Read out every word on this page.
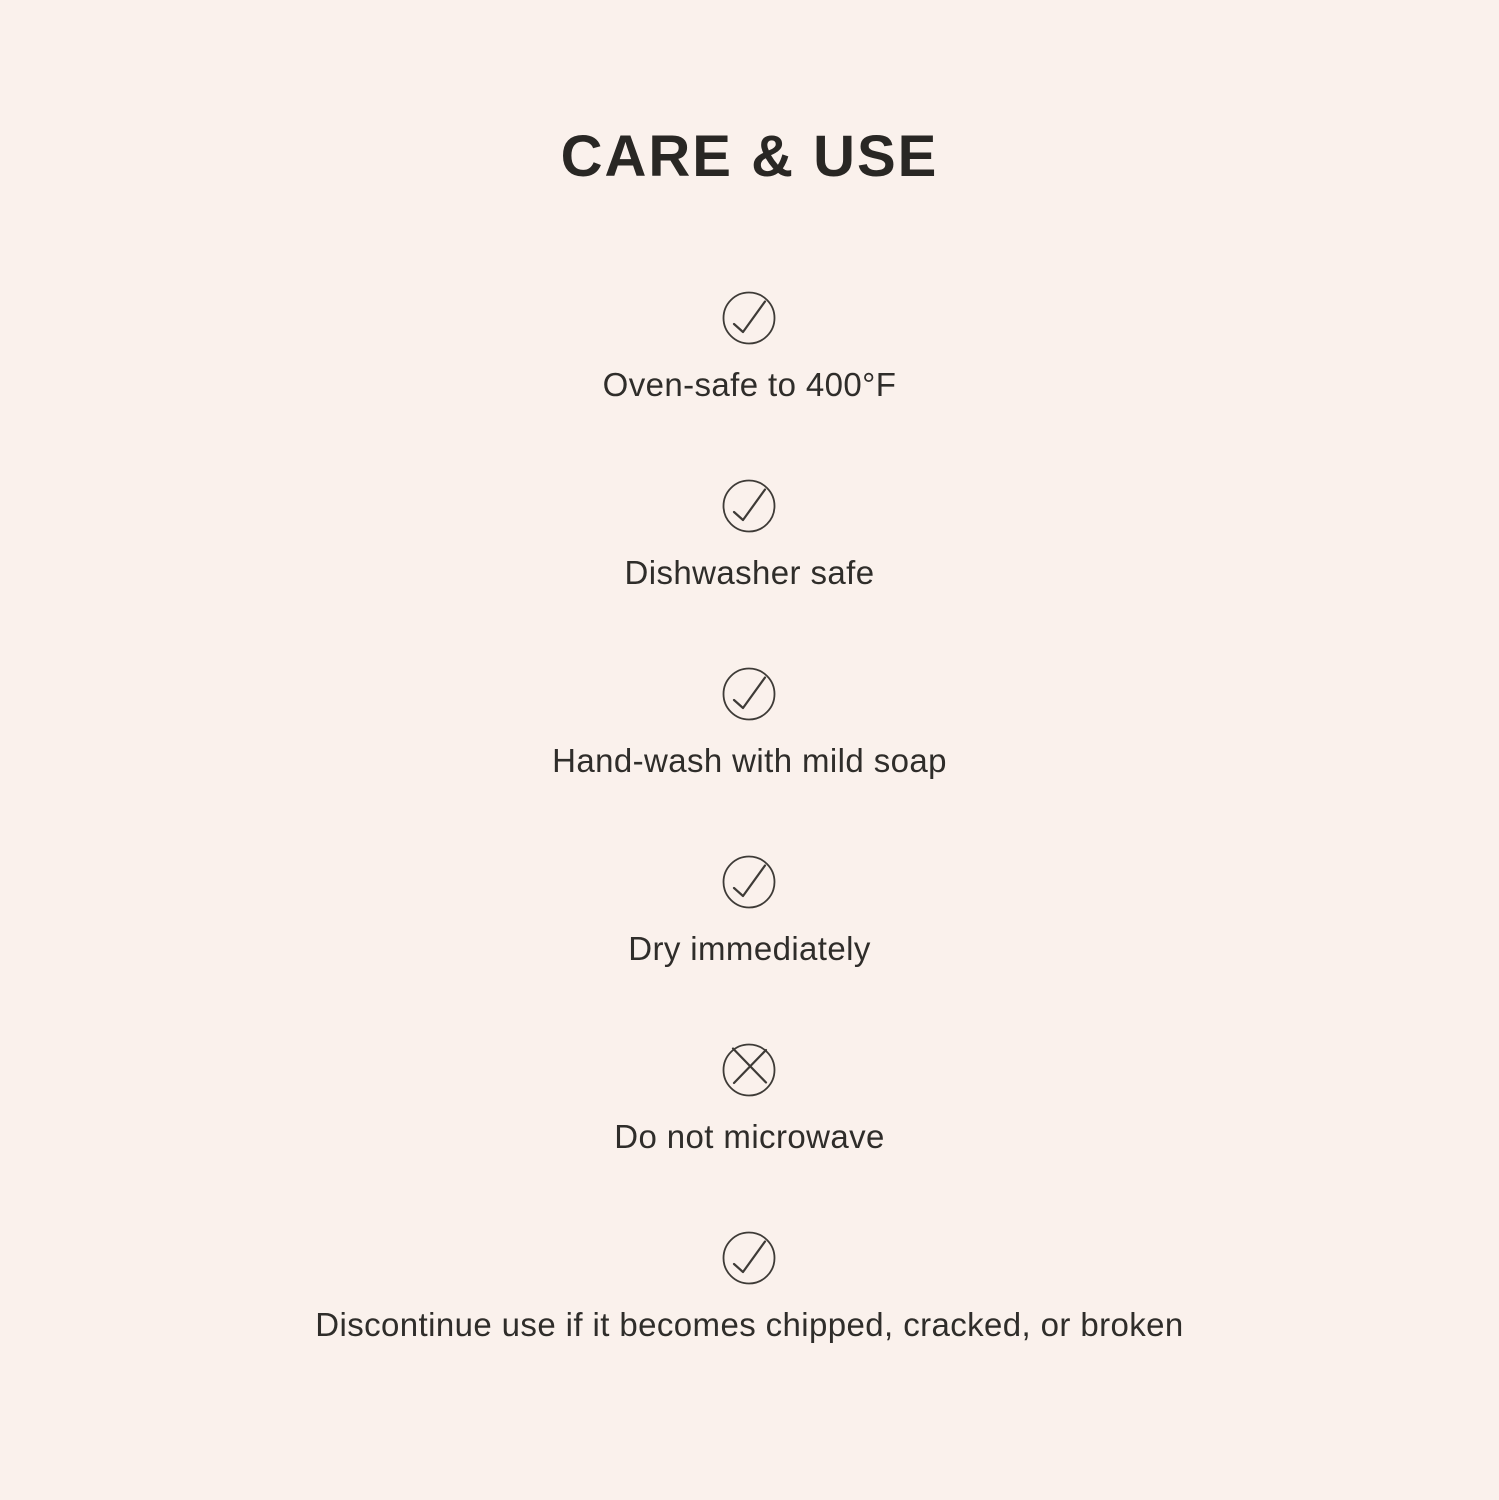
CARE & USE

Oven-safe to 400°F

Dishwasher safe

Hand-wash with mild soap

Dry immediately

Do not microwave

Discontinue use if it becomes chipped, cracked, or broken
